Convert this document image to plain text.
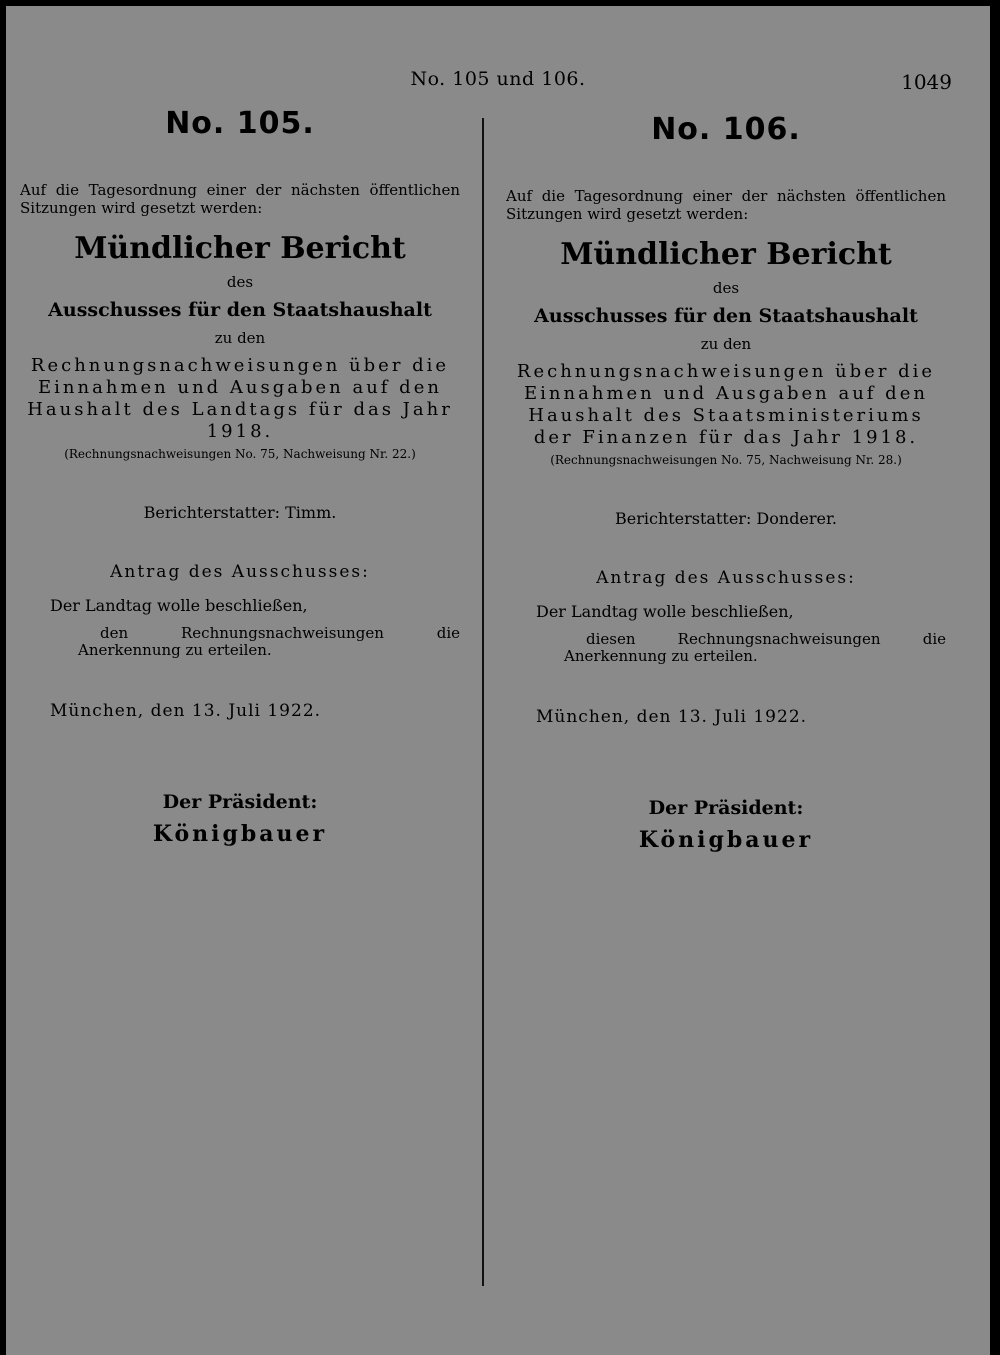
No. 105 und 106.	1049

No. 105.

Auf die Tagesordnung einer der nächsten öffentlichen Sitzungen wird gesetzt werden:

Mündlicher Bericht

des

Ausschusses für den Staatshaushalt

zu den

Rechnungsnachweisungen über die Einnahmen und Ausgaben auf den Haushalt des Landtags für das Jahr 1918.

(Rechnungsnachweisungen No. 75, Nachweisung Nr. 22.)

Berichterstatter: Timm.

Antrag des Ausschusses:

Der Landtag wolle beschließen,

den Rechnungsnachweisungen die Anerkennung zu erteilen.

München, den 13. Juli 1922.

Der Präsident:

Königbauer

No. 106.

Auf die Tagesordnung einer der nächsten öffentlichen Sitzungen wird gesetzt werden:

Mündlicher Bericht

des

Ausschusses für den Staatshaushalt

zu den

Rechnungsnachweisungen über die Einnahmen und Ausgaben auf den Haushalt des Staatsministeriums der Finanzen für das Jahr 1918.

(Rechnungsnachweisungen No. 75, Nachweisung Nr. 28.)

Berichterstatter: Donderer.

Antrag des Ausschusses:

Der Landtag wolle beschließen,

diesen Rechnungsnachweisungen die Anerkennung zu erteilen.

München, den 13. Juli 1922.

Der Präsident:

Königbauer
